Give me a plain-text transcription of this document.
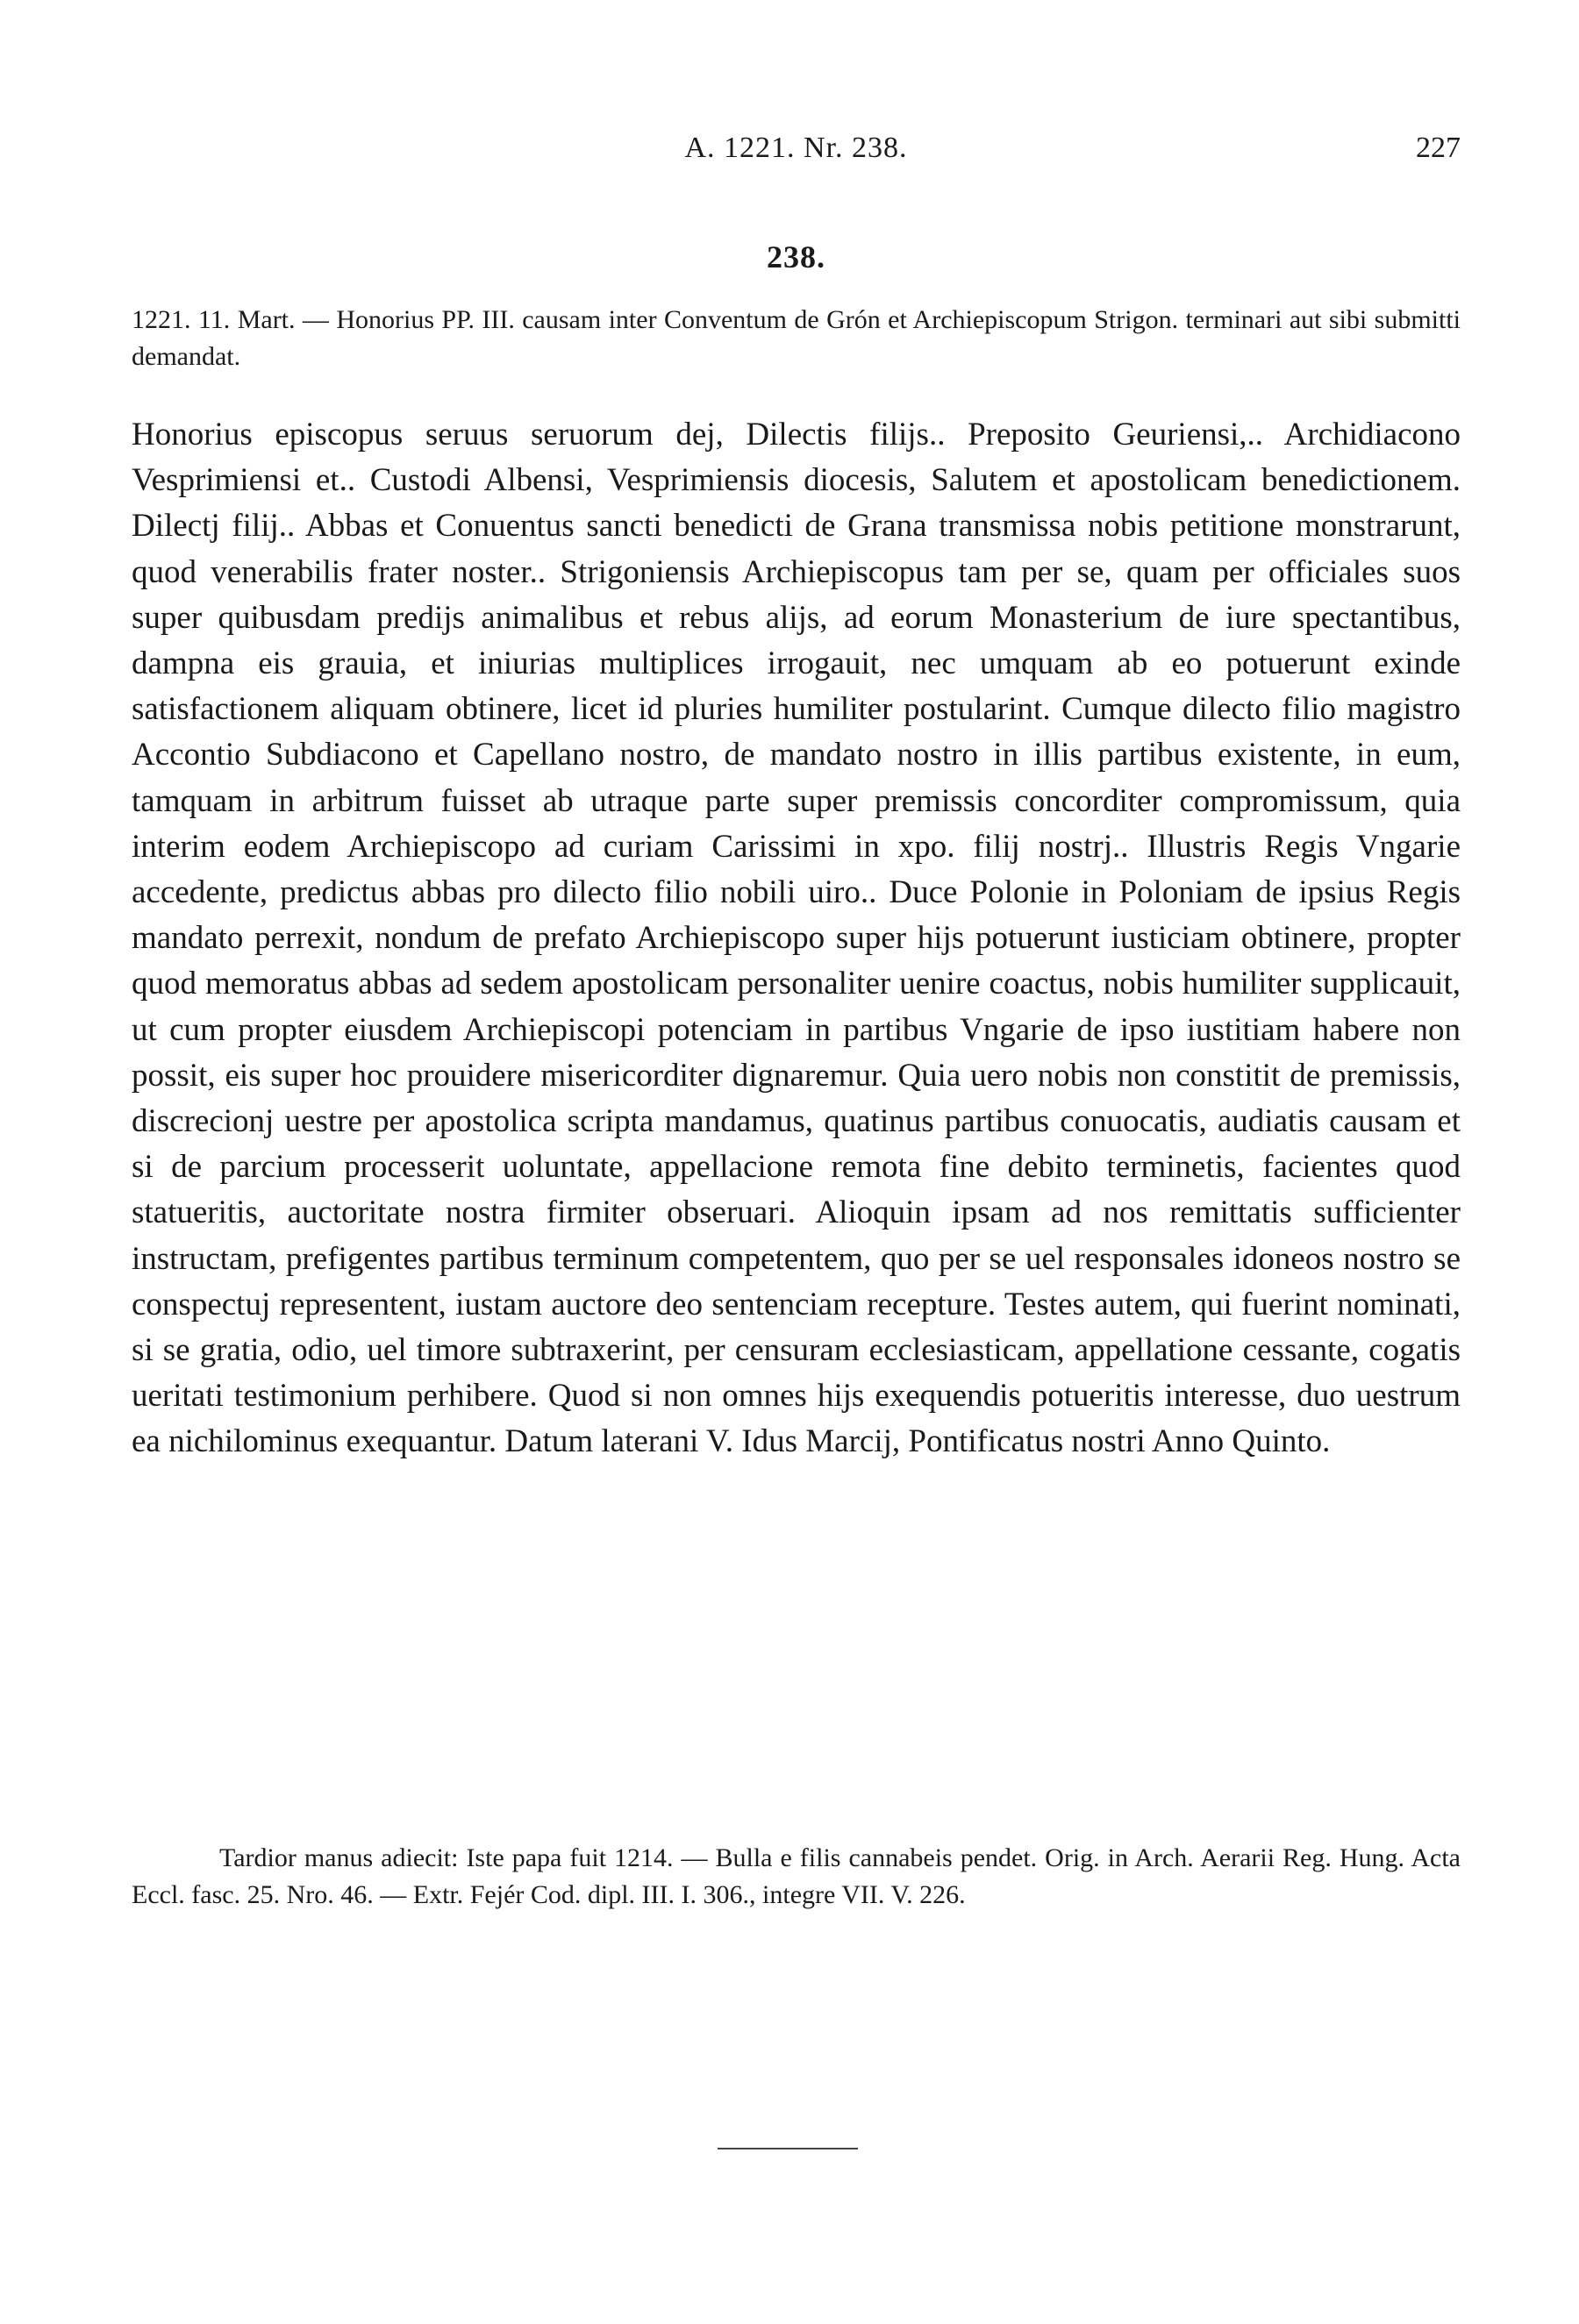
A. 1221. Nr. 238.	227
238.
1221. 11. Mart. — Honorius PP. III. causam inter Conventum de Grón et Archiepiscopum Strigon. terminari aut sibi submitti demandat.
Honorius episcopus seruus seruorum dej, Dilectis filijs.. Preposito Geuriensi,.. Archidiacono Vesprimiensi et.. Custodi Albensi, Vesprimiensis diocesis, Salutem et apostolicam benedictionem. Dilectj filij.. Abbas et Conuentus sancti benedicti de Grana transmissa nobis petitione monstrarunt, quod venerabilis frater noster.. Strigoniensis Archiepiscopus tam per se, quam per officiales suos super quibusdam predijs animalibus et rebus alijs, ad eorum Monasterium de iure spectantibus, dampna eis grauia, et iniurias multiplices irrogauit, nec umquam ab eo potuerunt exinde satisfactionem aliquam obtinere, licet id pluries humiliter postularint. Cumque dilecto filio magistro Accontio Subdiacono et Capellano nostro, de mandato nostro in illis partibus existente, in eum, tamquam in arbitrum fuisset ab utraque parte super premissis concorditer compromissum, quia interim eodem Archiepiscopo ad curiam Carissimi in xpo. filij nostrj.. Illustris Regis Vngarie accedente, predictus abbas pro dilecto filio nobili uiro.. Duce Polonie in Poloniam de ipsius Regis mandato perrexit, nondum de prefato Archiepiscopo super hijs potuerunt iusticiam obtinere, propter quod memoratus abbas ad sedem apostolicam personaliter uenire coactus, nobis humiliter supplicauit, ut cum propter eiusdem Archiepiscopi potenciam in partibus Vngarie de ipso iustitiam habere non possit, eis super hoc prouidere misericorditer dignaremur. Quia uero nobis non constitit de premissis, discrecionj uestre per apostolica scripta mandamus, quatinus partibus conuocatis, audiatis causam et si de parcium processerit uoluntate, appellacione remota fine debito terminetis, facientes quod statueritis, auctoritate nostra firmiter obseruari. Alioquin ipsam ad nos remittatis sufficienter instructam, prefigentes partibus terminum competentem, quo per se uel responsales idoneos nostro se conspectuj representent, iustam auctore deo sentenciam recepture. Testes autem, qui fuerint nominati, si se gratia, odio, uel timore subtraxerint, per censuram ecclesiasticam, appellatione cessante, cogatis ueritati testimonium perhibere. Quod si non omnes hijs exequendis potueritis interesse, duo uestrum ea nichilominus exequantur. Datum laterani V. Idus Marcij, Pontificatus nostri Anno Quinto.
Tardior manus adiecit: Iste papa fuit 1214. — Bulla e filis cannabeis pendet. Orig. in Arch. Aerarii Reg. Hung. Acta Eccl. fasc. 25. Nro. 46. — Extr. Fejér Cod. dipl. III. I. 306., integre VII. V. 226.
